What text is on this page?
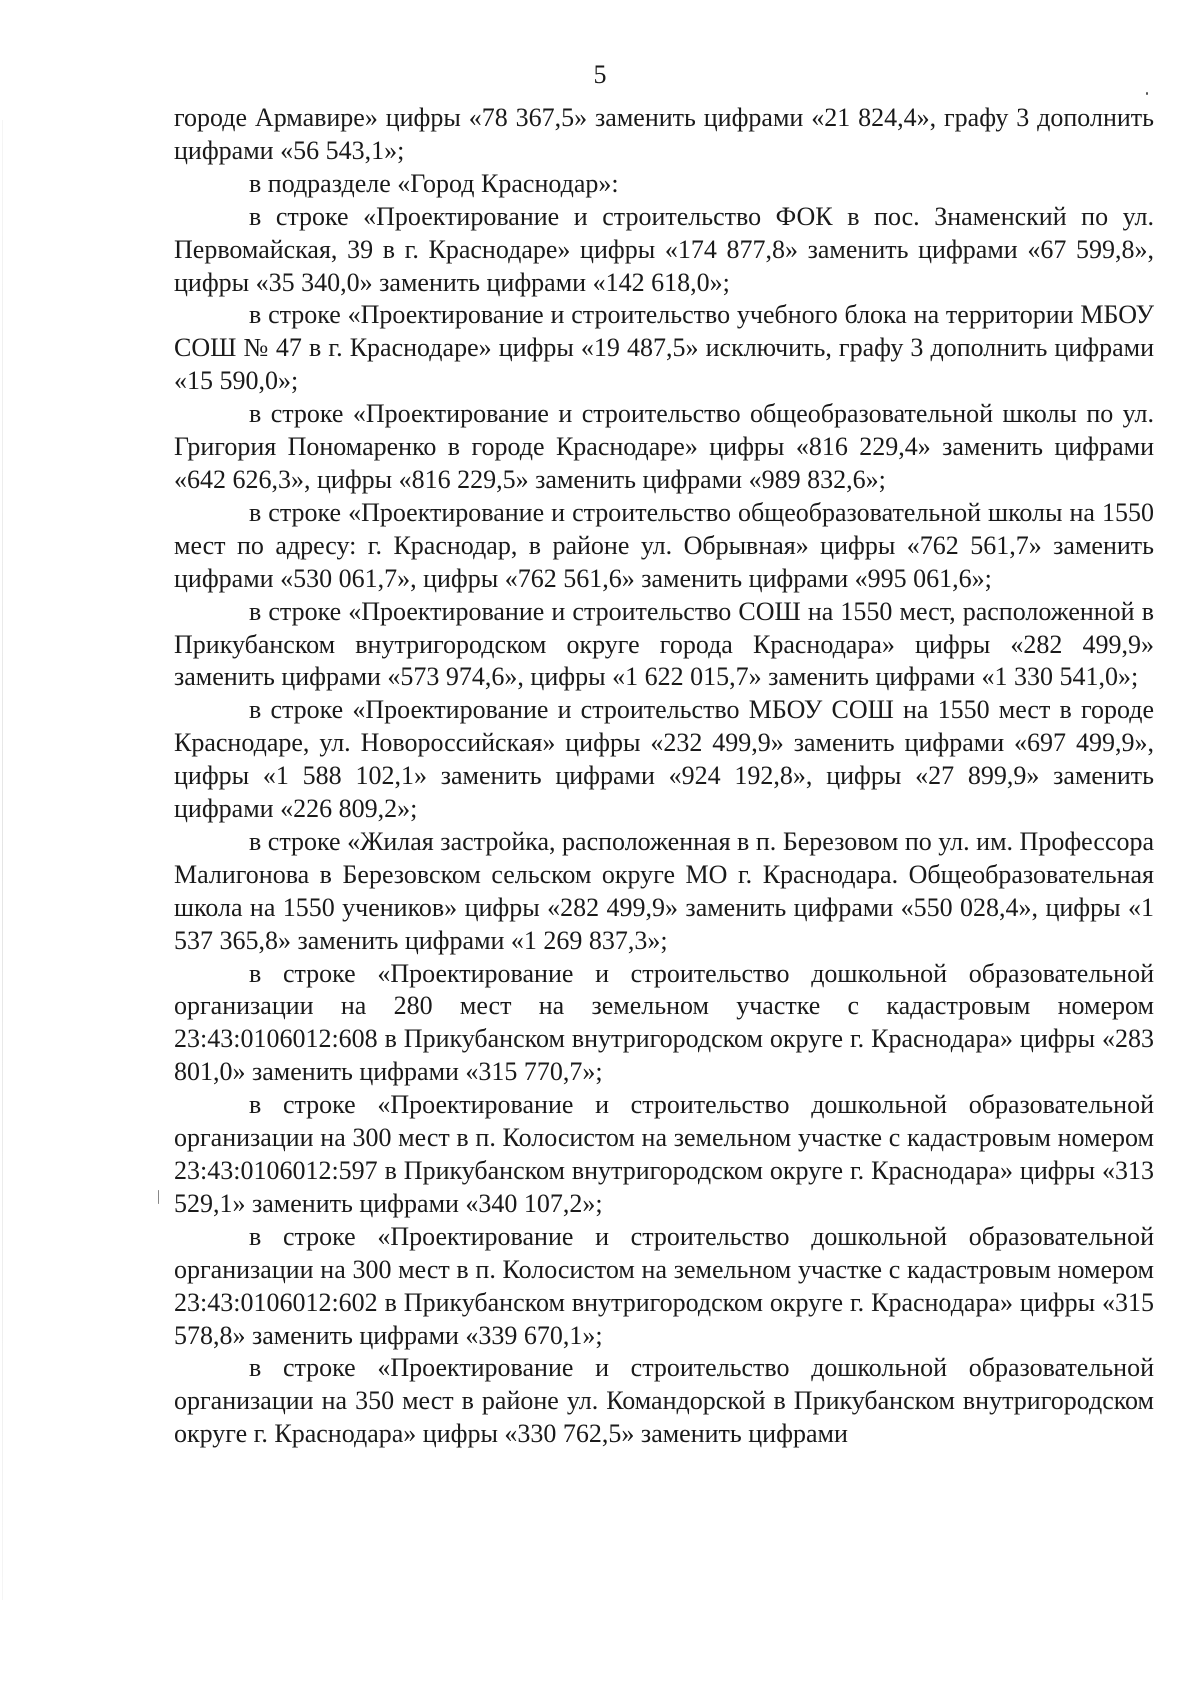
5

городе Армавире» цифры «78 367,5» заменить цифрами «21 824,4», графу 3 дополнить цифрами «56 543,1»;

в подразделе «Город Краснодар»:

в строке «Проектирование и строительство ФОК в пос. Знаменский по ул. Первомайская, 39 в г. Краснодаре» цифры «174 877,8» заменить цифрами «67 599,8», цифры «35 340,0» заменить цифрами «142 618,0»;

в строке «Проектирование и строительство учебного блока на территории МБОУ СОШ № 47 в г. Краснодаре» цифры «19 487,5» исключить, графу 3 дополнить цифрами «15 590,0»;

в строке «Проектирование и строительство общеобразовательной школы по ул. Григория Пономаренко в городе Краснодаре» цифры «816 229,4» заменить цифрами «642 626,3», цифры «816 229,5» заменить цифрами «989 832,6»;

в строке «Проектирование и строительство общеобразовательной школы на 1550 мест по адресу: г. Краснодар, в районе ул. Обрывная» цифры «762 561,7» заменить цифрами «530 061,7», цифры «762 561,6» заменить цифрами «995 061,6»;

в строке «Проектирование и строительство СОШ на 1550 мест, расположенной в Прикубанском внутригородском округе города Краснодара» цифры «282 499,9» заменить цифрами «573 974,6», цифры «1 622 015,7» заменить цифрами «1 330 541,0»;

в строке «Проектирование и строительство МБОУ СОШ на 1550 мест в городе Краснодаре, ул. Новороссийская» цифры «232 499,9» заменить цифрами «697 499,9», цифры «1 588 102,1» заменить цифрами «924 192,8», цифры «27 899,9» заменить цифрами «226 809,2»;

в строке «Жилая застройка, расположенная в п. Березовом по ул. им. Профессора Малигонова в Березовском сельском округе МО г. Краснодара. Общеобразовательная школа на 1550 учеников» цифры «282 499,9» заменить цифрами «550 028,4», цифры «1 537 365,8» заменить цифрами «1 269 837,3»;

в строке «Проектирование и строительство дошкольной образовательной организации на 280 мест на земельном участке с кадастровым номером 23:43:0106012:608 в Прикубанском внутригородском округе г. Краснодара» цифры «283 801,0» заменить цифрами «315 770,7»;

в строке «Проектирование и строительство дошкольной образовательной организации на 300 мест в п. Колосистом на земельном участке с кадастровым номером 23:43:0106012:597 в Прикубанском внутригородском округе г. Краснодара» цифры «313 529,1» заменить цифрами «340 107,2»;

в строке «Проектирование и строительство дошкольной образовательной организации на 300 мест в п. Колосистом на земельном участке с кадастровым номером 23:43:0106012:602 в Прикубанском внутригородском округе г. Краснодара» цифры «315 578,8» заменить цифрами «339 670,1»;

в строке «Проектирование и строительство дошкольной образовательной организации на 350 мест в районе ул. Командорской в Прикубанском внутригородском округе г. Краснодара» цифры «330 762,5» заменить цифрами
